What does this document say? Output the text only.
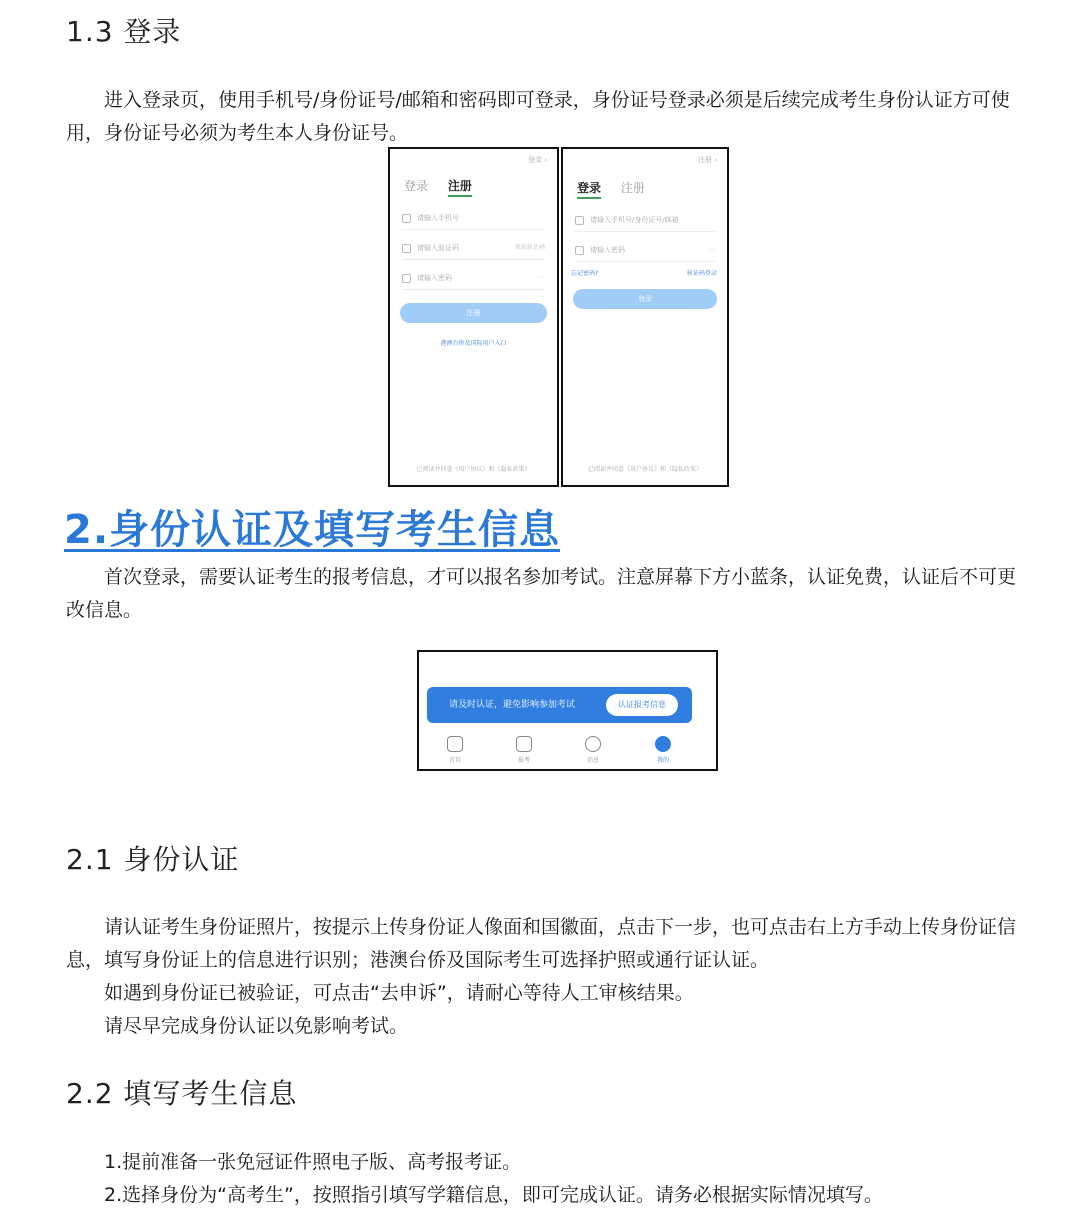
1.3 登录
进入登录页，使用手机号/身份证号/邮箱和密码即可登录，身份证号登录必须是后续完成考生身份认证方可使
用，身份证号必须为考生本人身份证号。
登录 ›
登录 注册
请输入手机号
请输入验证码	获取验证码
请输入密码	⋯
注册
港澳台侨及国际用户入口
已阅读并同意《用户协议》和《隐私政策》
注册 ›
登录 注册
请输入手机号/身份证号/邮箱
请输入密码	⋯
忘记密码?	验证码登录
登录
已阅读并同意《用户协议》和《隐私政策》
2.身份认证及填写考生信息
首次登录，需要认证考生的报考信息，才可以报名参加考试。注意屏幕下方小蓝条，认证免费，认证后不可更
改信息。
请及时认证，避免影响参加考试	认证报考信息
首页	报考	消息	我的
2.1 身份认证
请认证考生身份证照片，按提示上传身份证人像面和国徽面，点击下一步，也可点击右上方手动上传身份证信
息，填写身份证上的信息进行识别；港澳台侨及国际考生可选择护照或通行证认证。
如遇到身份证已被验证，可点击“去申诉”，请耐心等待人工审核结果。
请尽早完成身份认证以免影响考试。
2.2 填写考生信息
1.提前准备一张免冠证件照电子版、高考报考证。
2.选择身份为“高考生”，按照指引填写学籍信息，即可完成认证。请务必根据实际情况填写。
